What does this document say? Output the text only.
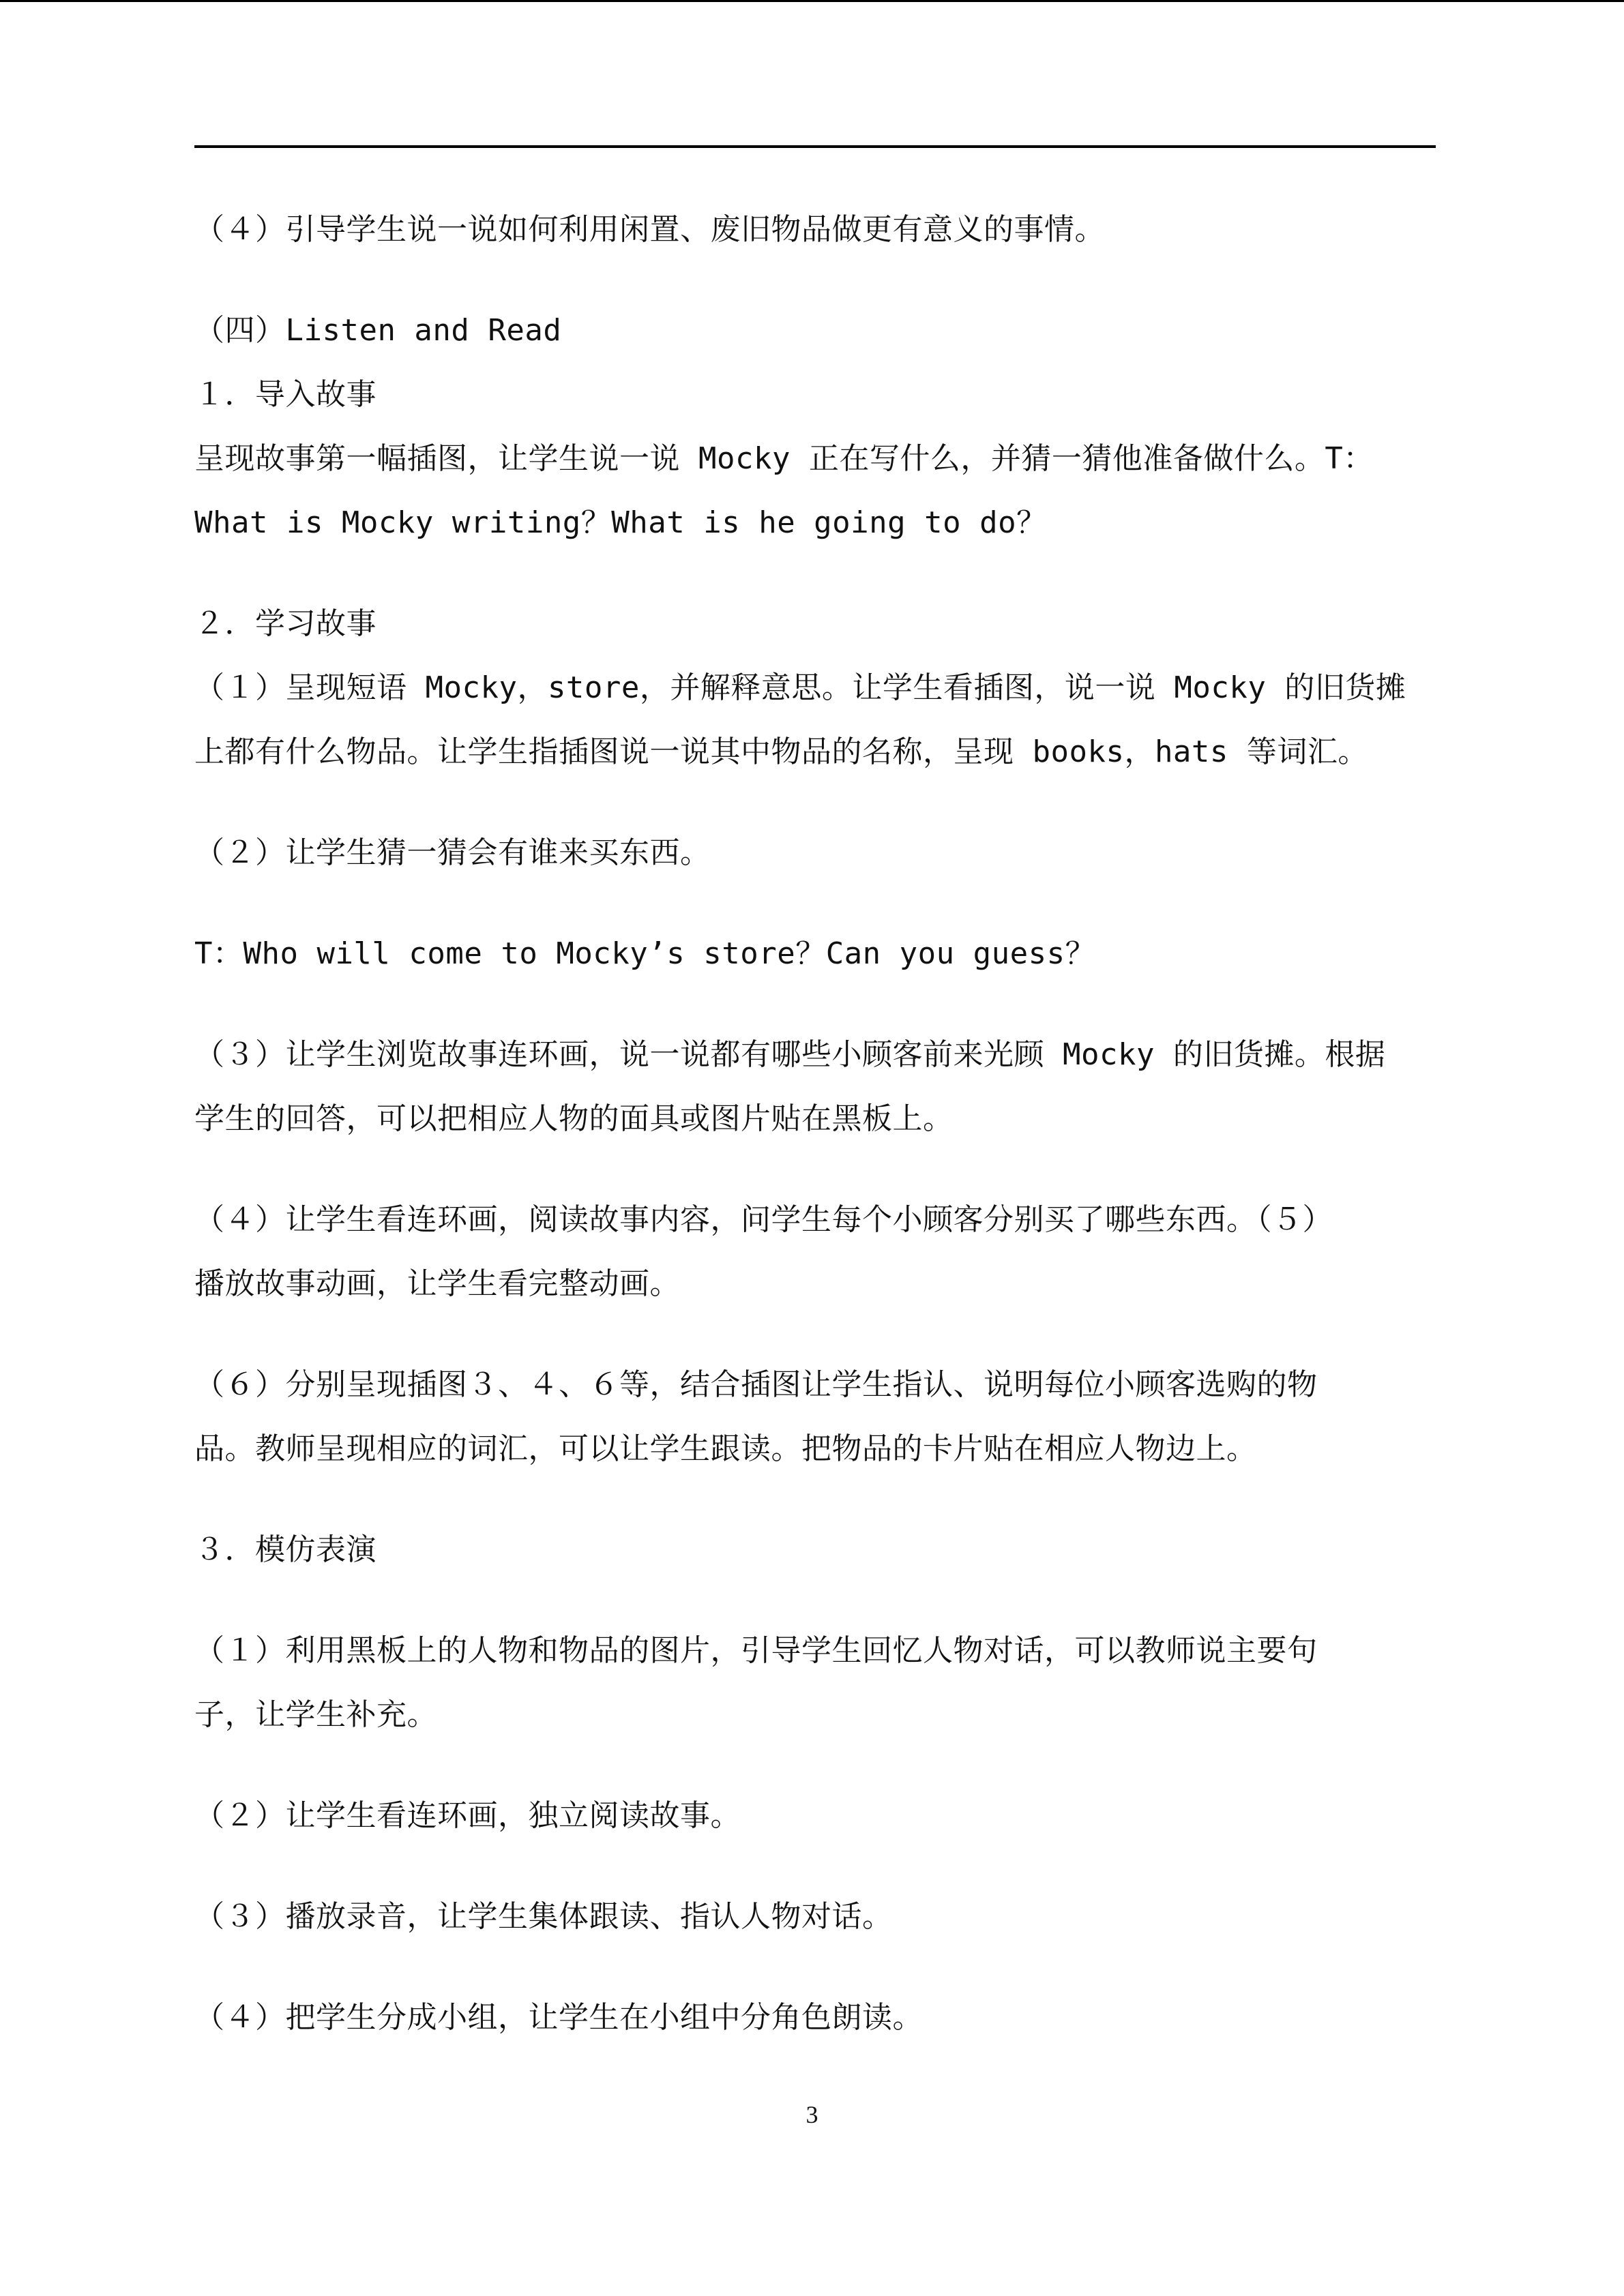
（４）引导学生说一说如何利用闲置、废旧物品做更有意义的事情。
（四）Listen and Read
１．导入故事
呈现故事第一幅插图，让学生说一说 Mocky 正在写什么，并猜一猜他准备做什么。T：
What is Mocky writing？What is he going to do？
２．学习故事
（１）呈现短语 Mocky，store，并解释意思。让学生看插图，说一说 Mocky 的旧货摊
上都有什么物品。让学生指插图说一说其中物品的名称，呈现 books，hats 等词汇。
（２）让学生猜一猜会有谁来买东西。
T：Who will come to Mocky’s store？Can you guess？
（３）让学生浏览故事连环画，说一说都有哪些小顾客前来光顾 Mocky 的旧货摊。根据
学生的回答，可以把相应人物的面具或图片贴在黑板上。
（４）让学生看连环画，阅读故事内容，问学生每个小顾客分别买了哪些东西。（５）
播放故事动画，让学生看完整动画。
（６）分别呈现插图３、４、６等，结合插图让学生指认、说明每位小顾客选购的物
品。教师呈现相应的词汇，可以让学生跟读。把物品的卡片贴在相应人物边上。
３．模仿表演
（１）利用黑板上的人物和物品的图片，引导学生回忆人物对话，可以教师说主要句
子，让学生补充。
（２）让学生看连环画，独立阅读故事。
（３）播放录音，让学生集体跟读、指认人物对话。
（４）把学生分成小组，让学生在小组中分角色朗读。
3
